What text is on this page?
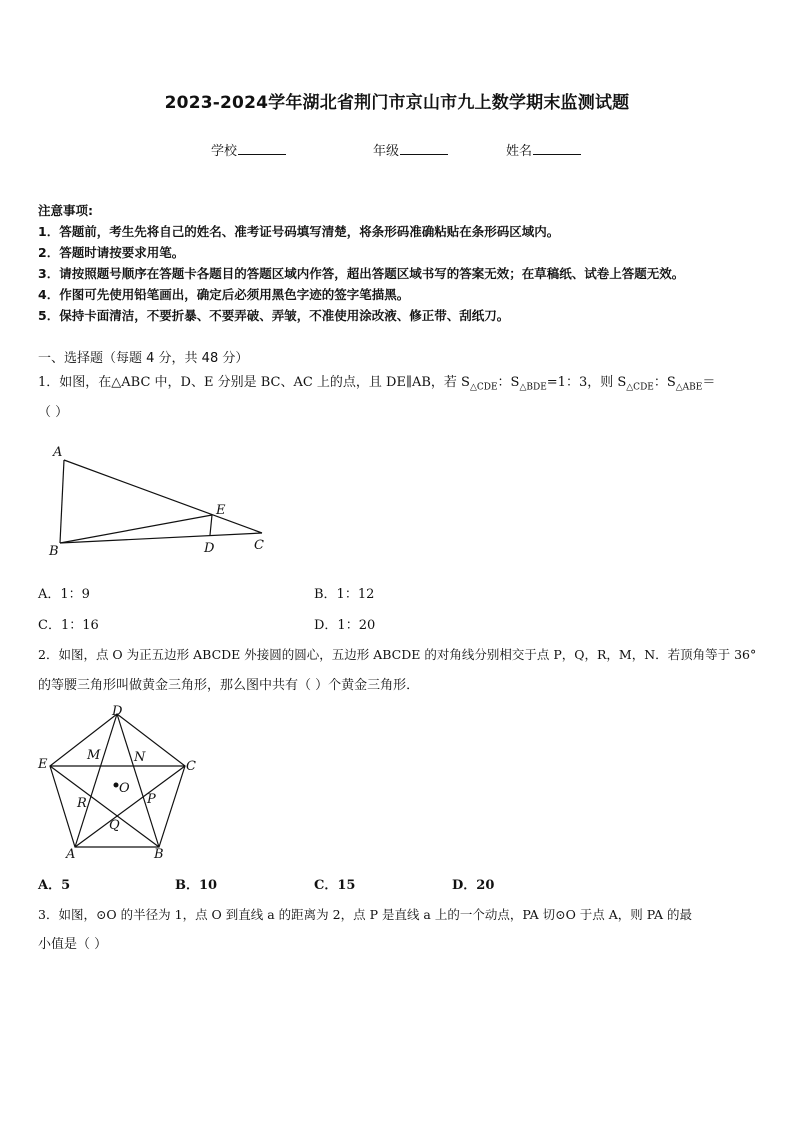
2023-2024学年湖北省荆门市京山市九上数学期末监测试题
学校	年级	姓名
注意事项:
1．答题前，考生先将自己的姓名、准考证号码填写清楚，将条形码准确粘贴在条形码区域内。
2．答题时请按要求用笔。
3．请按照题号顺序在答题卡各题目的答题区域内作答，超出答题区域书写的答案无效；在草稿纸、试卷上答题无效。
4．作图可先使用铅笔画出，确定后必须用黑色字迹的签字笔描黑。
5．保持卡面清洁，不要折暴、不要弄破、弄皱，不准使用涂改液、修正带、刮纸刀。
一、选择题（每题 4 分，共 48 分）
1．如图，在△ABC 中，D、E 分别是 BC、AC 上的点，且 DE∥AB，若 $S_{\triangle CDE}$：$S_{\triangle BDE}=1$：3，则 $S_{\triangle CDE}$：$S_{\triangle ABE}=$
（ ）
A
B	C
D
E
A．1：9	B．1：12
C．1：16	D．1：20
2．如图，点 O 为正五边形 ABCDE 外接圆的圆心，五边形 ABCDE 的对角线分别相交于点 P，Q，R，M，N．若顶角等于 36°
的等腰三角形叫做黄金三角形，那么图中共有（ ）个黄金三角形．
D
C
E
A	B
M	N
O
P
R
Q
A．5	B．10	C．15	D．20
3．如图，⊙O 的半径为 1，点 O 到直线 a 的距离为 2，点 P 是直线 a 上的一个动点，PA 切⊙O 于点 A，则 PA 的最
小值是（ ）
